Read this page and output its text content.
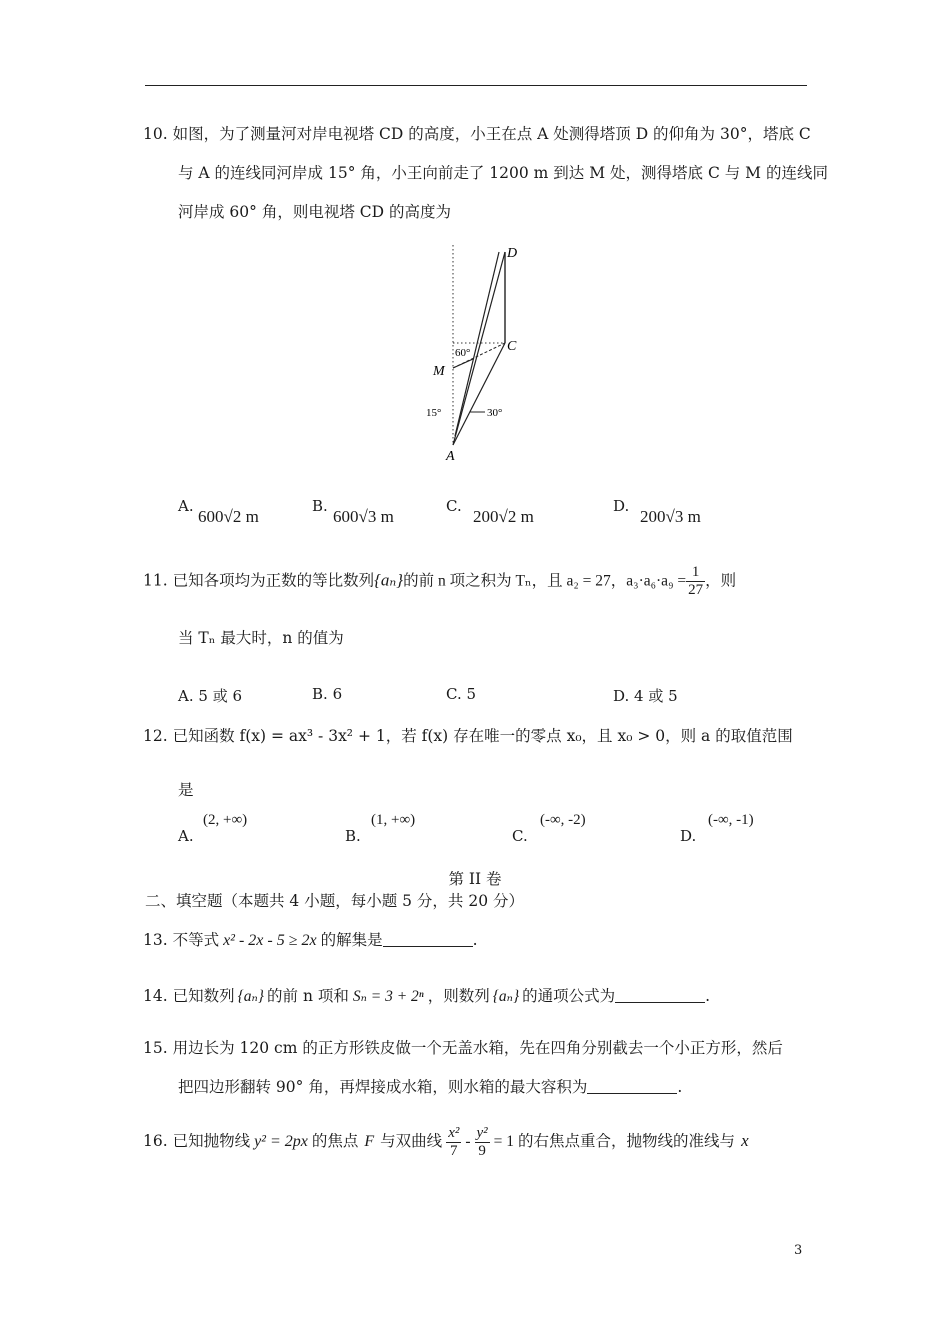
10. 如图，为了测量河对岸电视塔 CD 的高度，小王在点 A 处测得塔顶 D 的仰角为 30°，塔底 C
与 A 的连线同河岸成 15° 角，小王向前走了 1200 m 到达 M 处，测得塔底 C 与 M 的连线同
河岸成 60° 角，则电视塔 CD 的高度为
D
C
M
A
60°
15°	30°
A.
600√2 m
B.
600√3 m
C.
200√2 m
D.
200√3 m
11. 已知各项均为正数的等比数列{aₙ}的前 n 项之积为 Tₙ，且 a₂ = 27，$a_3\cdot a_6\cdot a_9 = \frac{1}{27}$ ，则
当 Tₙ 最大时，n 的值为
A. 5 或 6	B. 6	C. 5	D. 4 或 5
12. 已知函数 f(x) = ax³ - 3x² + 1，若 f(x) 存在唯一的零点 x₀，且 x₀ > 0，则 a 的取值范围
是
A.
(2, +∞)
B.
(1, +∞)
C.
(-∞, -2)
D.
(-∞, -1)
第 II 卷
二、填空题（本题共 4 小题，每小题 5 分，共 20 分）
13. 不等式 x² - 2x - 5 ≥ 2x 的解集是	.
14. 已知数列 {aₙ} 的前 n 项和 Sₙ = 3 + 2ⁿ ，则数列 {aₙ} 的通项公式为	.
15. 用边长为 120 cm 的正方形铁皮做一个无盖水箱，先在四角分别截去一个小正方形，然后
把四边形翻转 90° 角，再焊接成水箱，则水箱的最大容积为	.
16. 已知抛物线 y² = 2px 的焦点 F 与双曲线 $\frac{\text{x²}}{7} - \frac{\text{y²}}{9} = 1$ 的右焦点重合，抛物线的准线与 x
3
